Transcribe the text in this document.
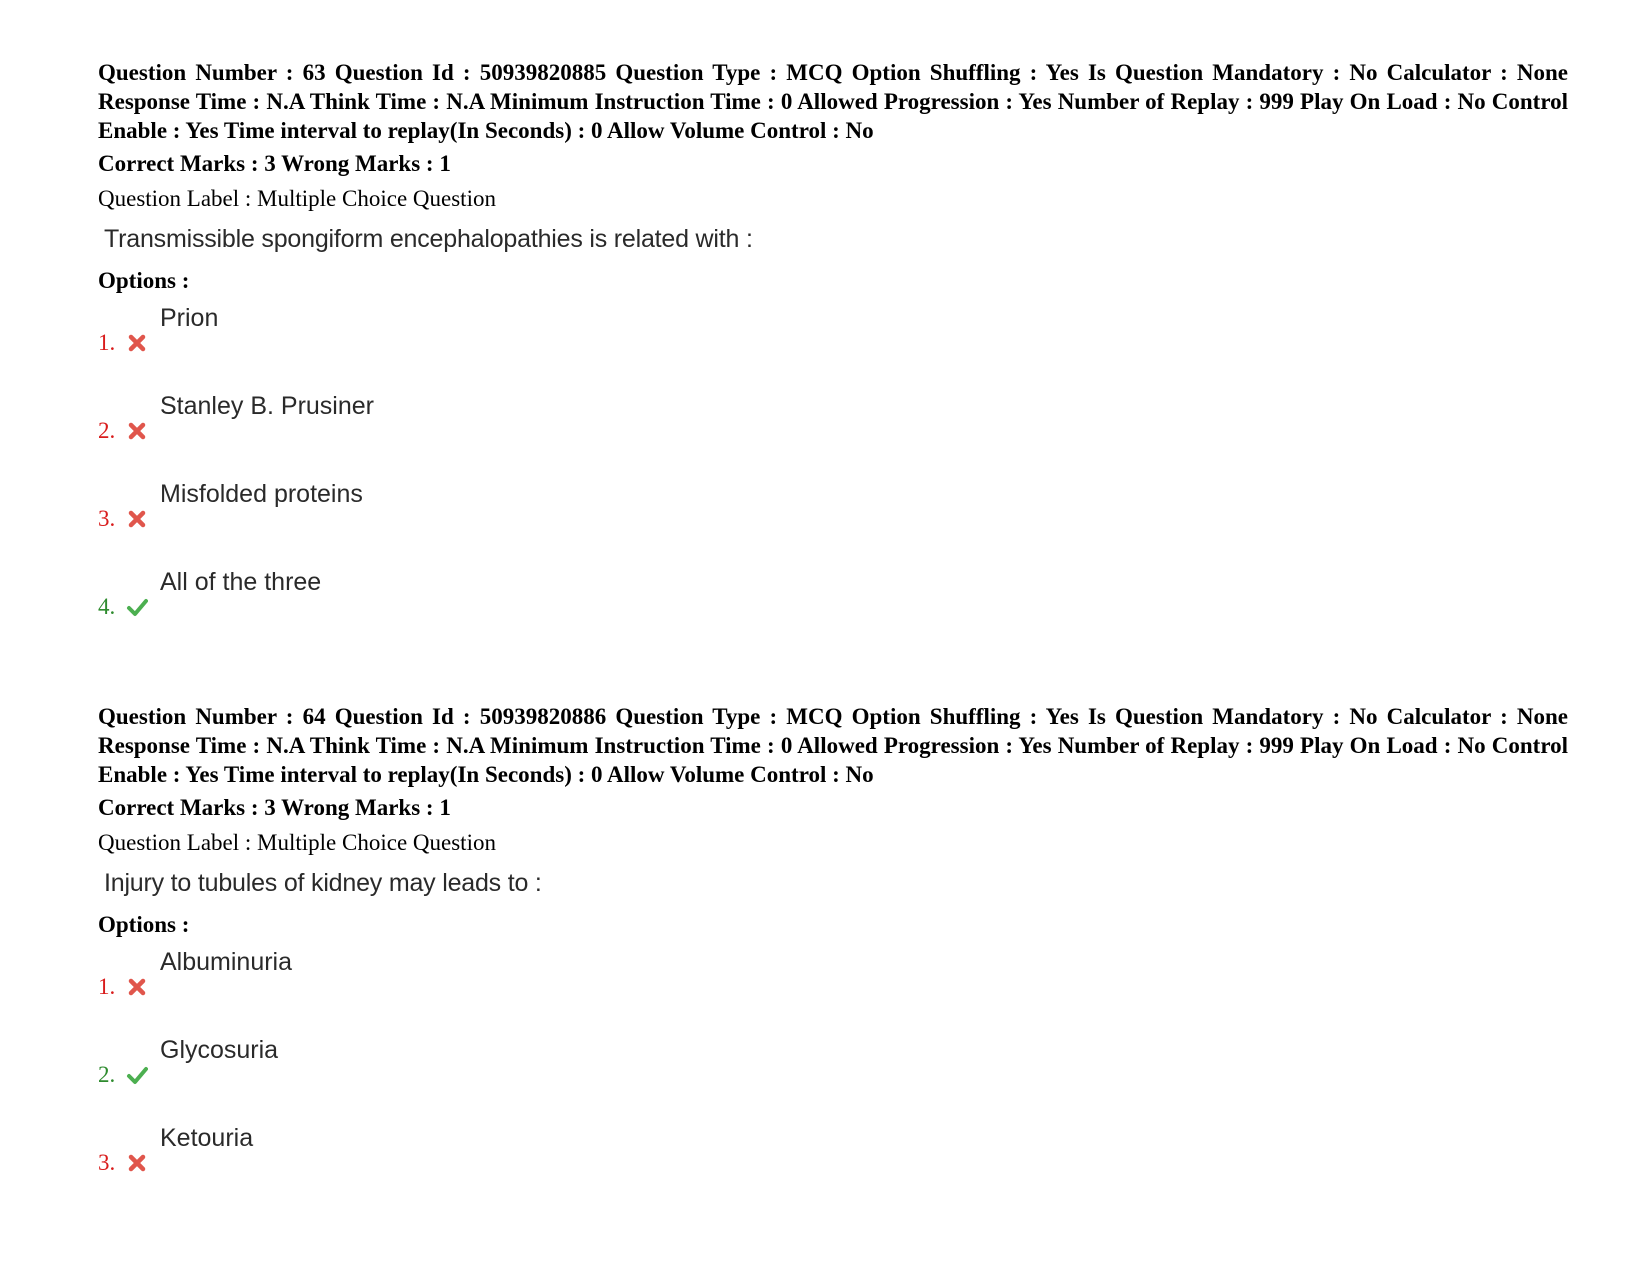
Question Number : 63 Question Id : 50939820885 Question Type : MCQ Option Shuffling : Yes Is Question Mandatory : No Calculator : None Response Time : N.A Think Time : N.A Minimum Instruction Time : 0 Allowed Progression : Yes Number of Replay : 999 Play On Load : No Control Enable : Yes Time interval to replay(In Seconds) : 0 Allow Volume Control : No

Correct Marks : 3 Wrong Marks : 1

Question Label : Multiple Choice Question

Transmissible spongiform encephalopathies is related with :
Options :
1.
Prion
2.
Stanley B. Prusiner
3.
Misfolded proteins
4.
All of the three

Question Number : 64 Question Id : 50939820886 Question Type : MCQ Option Shuffling : Yes Is Question Mandatory : No Calculator : None Response Time : N.A Think Time : N.A Minimum Instruction Time : 0 Allowed Progression : Yes Number of Replay : 999 Play On Load : No Control Enable : Yes Time interval to replay(In Seconds) : 0 Allow Volume Control : No

Correct Marks : 3 Wrong Marks : 1

Question Label : Multiple Choice Question

Injury to tubules of kidney may leads to :
Options :
1.
Albuminuria
2.
Glycosuria
3.
Ketouria
